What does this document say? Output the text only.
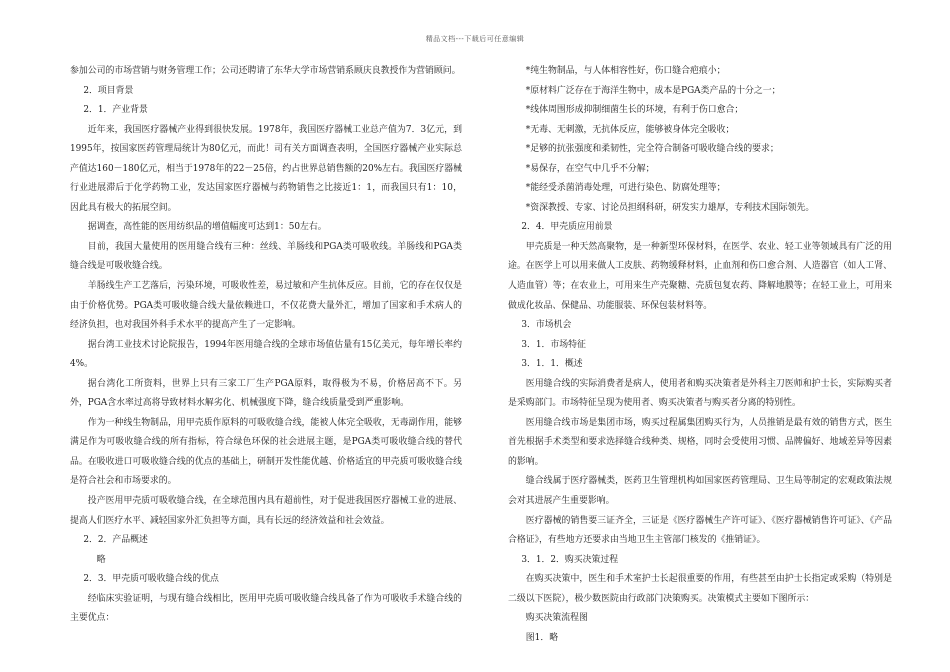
精品文档---下载后可任意编辑

参加公司的市场营销与财务管理工作；公司还聘请了东华大学市场营销系顾庆良教授作为营销顾问。

2．项目背景

2．1．产业背景

近年来，我国医疗器械产业得到很快发展。1978年，我国医疗器械工业总产值为7．3亿元，到1995年，按国家医药管理局统计为80亿元，而此！司有关方面调查表明，全国医疗器械产业实际总产值达160－180亿元，相当于1978年的22－25倍，约占世界总销售额的20%左右。我国医疗器械行业进展滞后于化学药物工业，发达国家医疗器械与药物销售之比接近1：1，而我国只有1：10，因此具有极大的拓展空间。

据调查，高性能的医用纺织品的增值幅度可达到1：50左右。

目前，我国大量使用的医用缝合线有三种：丝线、羊肠线和PGA类可吸收线。羊肠线和PGA类缝合线是可吸收缝合线。

羊肠线生产工艺落后，污染环境，可吸收性差，易过敏和产生抗体反应。目前，它的存在仅仅是由于价格优势。PGA类可吸收缝合线大量依赖进口，不仅花费大量外汇，增加了国家和手术病人的经济负担，也对我国外科手术水平的提高产生了一定影响。

据台湾工业技术讨论院报告，1994年医用缝合线的全球市场值估量有15亿美元，每年增长率约4%。

据台湾化工所资料，世界上只有三家工厂生产PGA原料，取得极为不易，价格居高不下。另外，PGA含水率过高将导致材料水解劣化、机械强度下降，缝合线质量受到严重影响。

作为一种线生物制品，用甲壳质作原料的可吸收缝合线，能被人体完全吸收，无毒副作用，能够满足作为可吸收缝合线的所有指标，符合绿色环保的社会进展主题，是PGA类可吸收缝合线的替代品。在吸收进口可吸收缝合线的优点的基础上，研制开发性能优越、价格适宜的甲壳质可吸收缝合线是符合社会和市场要求的。

投产医用甲壳质可吸收缝合线，在全球范围内具有超前性，对于促进我国医疗器械工业的进展、提高人们医疗水平、减轻国家外汇负担等方面，具有长远的经济效益和社会效益。

2．2．产品概述

略

2．3．甲壳质可吸收缝合线的优点

经临床实验证明，与现有缝合线相比，医用甲壳质可吸收缝合线具备了作为可吸收手术缝合线的主要优点：

*纯生物制品，与人体相容性好，伤口缝合疤痕小；

*原材料广泛存在于海洋生物中，成本是PGA类产品的十分之一；

*线体周围形成抑制细菌生长的环境，有利于伤口愈合；

*无毒、无刺激，无抗体反应，能够被身体完全吸收；

*足够的抗张强度和柔韧性，完全符合制备可吸收缝合线的要求；

*易保存，在空气中几乎不分解；

*能经受杀菌消毒处理，可进行染色、防腐处理等；

*资深教授、专家、讨论员担纲科研，研发实力雄厚，专利技术国际领先。

2．4．甲壳质应用前景

甲壳质是一种天然高聚物，是一种新型环保材料，在医学、农业、轻工业等领域具有广泛的用途。在医学上可以用来做人工皮肤、药物缓释材料，止血剂和伤口愈合剂、人造器官（如人工肾、人造血管）等；在农业上，可用来生产壳聚糖、壳质包复农药、降解地膜等；在轻工业上，可用来做成化妆品、保健品、功能服装、环保包装材料等。

3．市场机会

3．1．市场特征

3．1．1．概述

医用缝合线的实际消费者是病人，使用者和购买决策者是外科主刀医师和护士长，实际购买者是采购部门。市场特征呈现为使用者、购买决策者与购买者分离的特别性。

医用缝合线市场是集团市场，购买过程属集团购买行为，人员推销是最有效的销售方式，医生首先根据手术类型和要求选择缝合线种类、规格，同时会受使用习惯、品牌偏好、地域差异等因素的影响。

缝合线属于医疗器械类，医药卫生管理机构如国家医药管理局、卫生局等制定的宏观政策法规会对其进展产生重要影响。

医疗器械的销售要三证齐全，三证是《医疗器械生产许可证》、《医疗器械销售许可证》、《产品合格证》，有些地方还要求由当地卫生主管部门核发的《推销证》。

3．1．2．购买决策过程

在购买决策中，医生和手术室护士长起很重要的作用，有些甚至由护士长指定或采购（特别是二级以下医院），极少数医院由行政部门决策购买。决策模式主要如下图所示：

购买决策流程图

图1．略
